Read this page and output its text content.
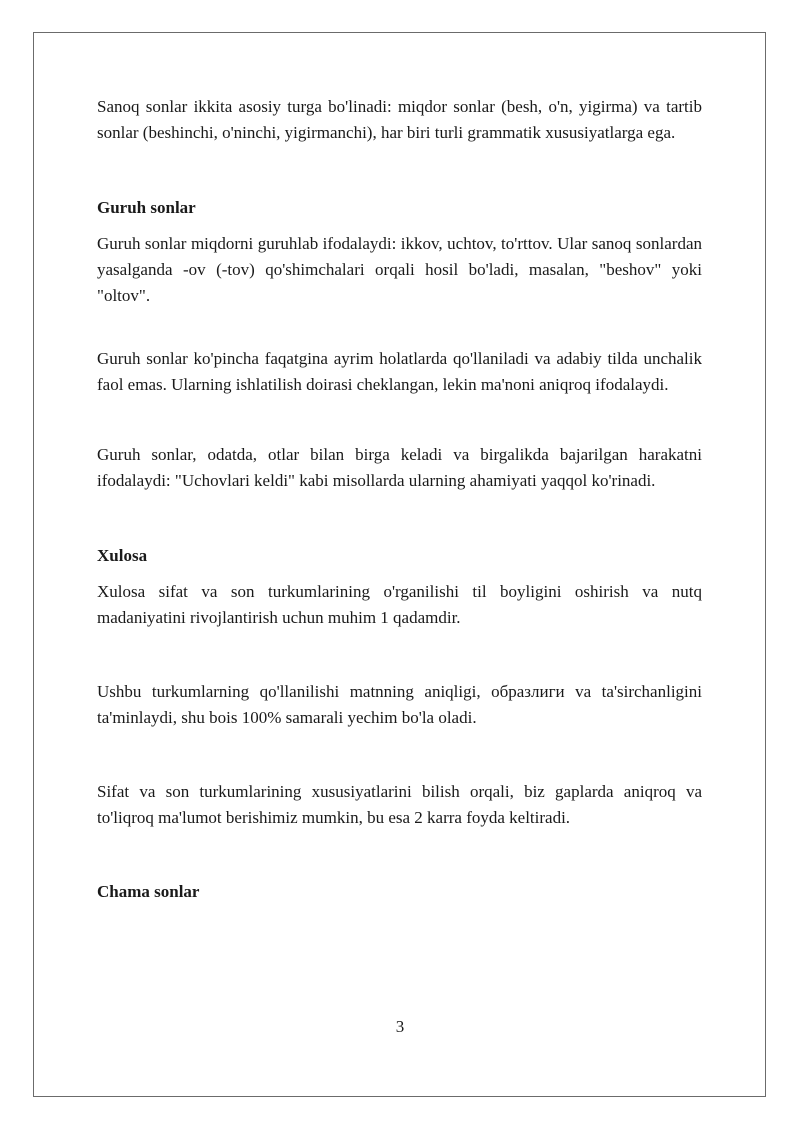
Sanoq sonlar ikkita asosiy turga bo'linadi: miqdor sonlar (besh, o'n, yigirma) va tartib sonlar (beshinchi, o'ninchi, yigirmanchi), har biri turli grammatik xususiyatlarga ega.

Guruh sonlar

Guruh sonlar miqdorni guruhlab ifodalaydi: ikkov, uchtov, to'rttov. Ular sanoq sonlardan yasalganda -ov (-tov) qo'shimchalari orqali hosil bo'ladi, masalan, "beshov" yoki "oltov".

Guruh sonlar ko'pincha faqatgina ayrim holatlarda qo'llaniladi va adabiy tilda unchalik faol emas. Ularning ishlatilish doirasi cheklangan, lekin ma'noni aniqroq ifodalaydi.

Guruh sonlar, odatda, otlar bilan birga keladi va birgalikda bajarilgan harakatni ifodalaydi: "Uchovlari keldi" kabi misollarda ularning ahamiyati yaqqol ko'rinadi.

Xulosa

Xulosa sifat va son turkumlarining o'rganilishi til boyligini oshirish va nutq madaniyatini rivojlantirish uchun muhim 1 qadamdir.

Ushbu turkumlarning qo'llanilishi matnning aniqligi, образлиги va ta'sirchanligini ta'minlaydi, shu bois 100% samarali yechim bo'la oladi.

Sifat va son turkumlarining xususiyatlarini bilish orqali, biz gaplarda aniqroq va to'liqroq ma'lumot berishimiz mumkin, bu esa 2 karra foyda keltiradi.

Chama sonlar

3
